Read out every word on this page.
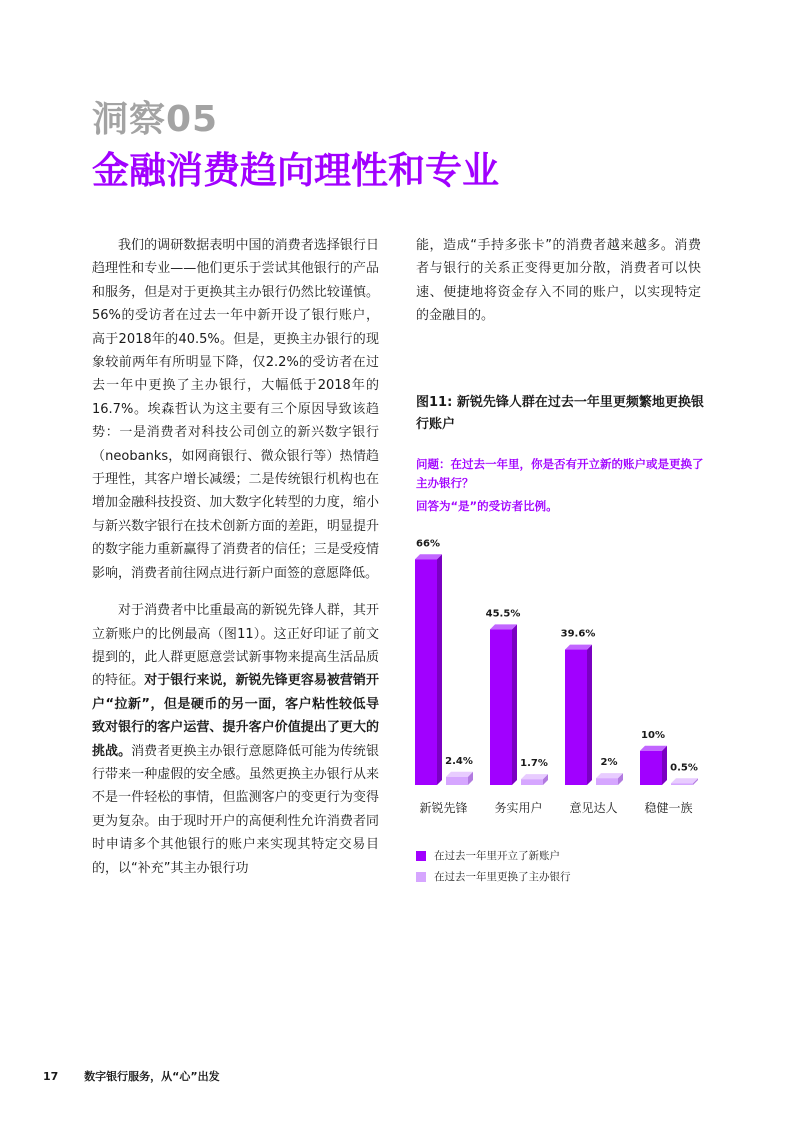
洞察05
金融消费趋向理性和专业

我们的调研数据表明中国的消费者选择银行日趋理性和专业——他们更乐于尝试其他银行的产品和服务，但是对于更换其主办银行仍然比较谨慎。56%的受访者在过去一年中新开设了银行账户，高于2018年的40.5%。但是，更换主办银行的现象较前两年有所明显下降，仅2.2%的受访者在过去一年中更换了主办银行，大幅低于2018年的16.7%。埃森哲认为这主要有三个原因导致该趋势：一是消费者对科技公司创立的新兴数字银行（neobanks，如网商银行、微众银行等）热情趋于理性，其客户增长减缓；二是传统银行机构也在增加金融科技投资、加大数字化转型的力度，缩小与新兴数字银行在技术创新方面的差距，明显提升的数字能力重新赢得了消费者的信任；三是受疫情影响，消费者前往网点进行新户面签的意愿降低。

对于消费者中比重最高的新锐先锋人群，其开立新账户的比例最高（图11）。这正好印证了前文提到的，此人群更愿意尝试新事物来提高生活品质的特征。对于银行来说，新锐先锋更容易被营销开户“拉新”，但是硬币的另一面，客户粘性较低导致对银行的客户运营、提升客户价值提出了更大的挑战。消费者更换主办银行意愿降低可能为传统银行带来一种虚假的安全感。虽然更换主办银行从来不是一件轻松的事情，但监测客户的变更行为变得更为复杂。由于现时开户的高便利性允许消费者同时申请多个其他银行的账户来实现其特定交易目的，以“补充”其主办银行功

能，造成“手持多张卡”的消费者越来越多。消费者与银行的关系正变得更加分散，消费者可以快速、便捷地将资金存入不同的账户，以实现特定的金融目的。

图11: 新锐先锋人群在过去一年里更频繁地更换银行账户
问题：在过去一年里，你是否有开立新的账户或是更换了主办银行？
回答为“是”的受访者比例。
66%
2.4%
新锐先锋
45.5%
1.7%
务实用户
39.6%
2%
意见达人
10%
0.5%
稳健一族
在过去一年里开立了新账户
在过去一年里更换了主办银行
17 数字银行服务，从“心”出发
